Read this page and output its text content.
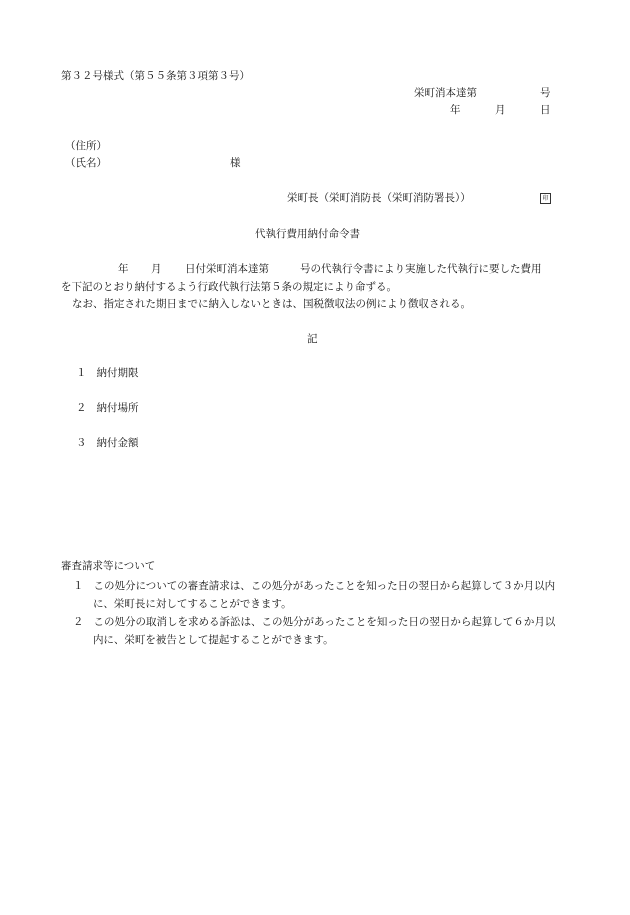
第３２号様式（第５５条第３項第３号）
栄町消本達第	号
年	月	日
（住所）
（氏名）	様
栄町長（栄町消防長（栄町消防署長））	印
代執行費用納付命令書
年 月 日付栄町消本達第	号の代執行令書により実施した代執行に要した費用
を下記のとおり納付するよう行政代執行法第５条の規定により命ずる。
なお、指定された期日までに納入しないときは、国税徴収法の例により徴収される。
記
１ 納付期限
２ 納付場所
３ 納付金額
審査請求等について
１ この処分についての審査請求は、この処分があったことを知った日の翌日から起算して３か月以内に、栄町長に対してすることができます。
２ この処分の取消しを求める訴訟は、この処分があったことを知った日の翌日から起算して６か月以内に、栄町を被告として提起することができます。
